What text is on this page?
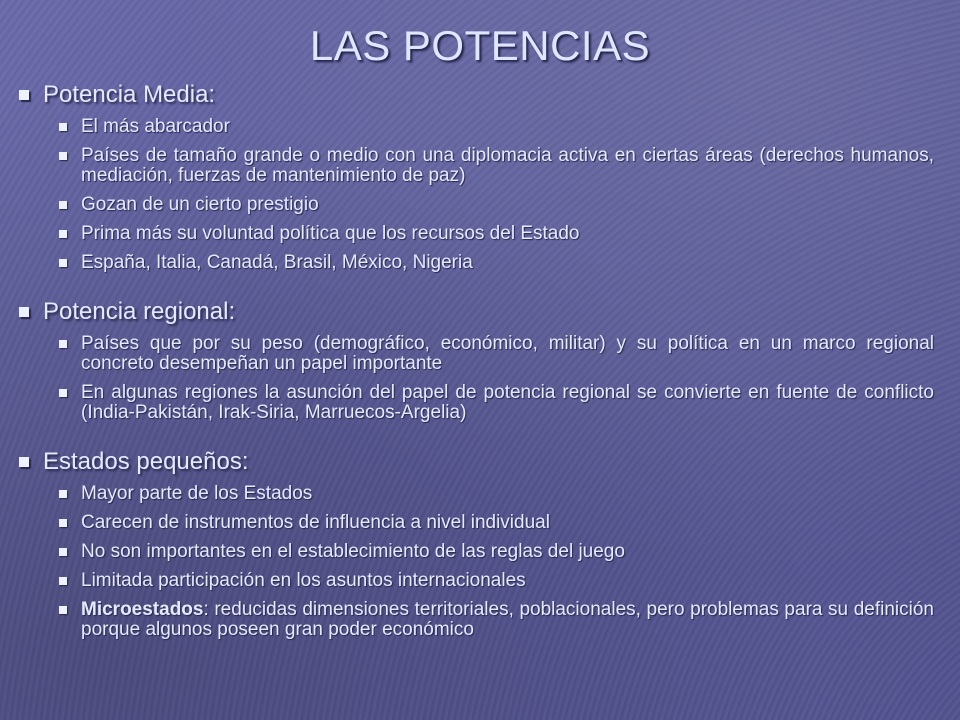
LAS POTENCIAS
Potencia Media:
El más abarcador
Países de tamaño grande o medio con una diplomacia activa en ciertas áreas (derechos humanos, mediación, fuerzas de mantenimiento de paz)
Gozan de un cierto prestigio
Prima más su voluntad política que los recursos del Estado
España, Italia, Canadá, Brasil, México, Nigeria
Potencia regional:
Países que por su peso (demográfico, económico, militar) y su política en un marco regional concreto desempeñan un papel importante
En algunas regiones la asunción del papel de potencia regional se convierte en fuente de conflicto (India-Pakistán, Irak-Siria, Marruecos-Argelia)
Estados pequeños:
Mayor parte de los Estados
Carecen de instrumentos de influencia a nivel individual
No son importantes en el establecimiento de las reglas del juego
Limitada participación en los asuntos internacionales
Microestados: reducidas dimensiones territoriales, poblacionales, pero problemas para su definición porque algunos poseen gran poder económico
